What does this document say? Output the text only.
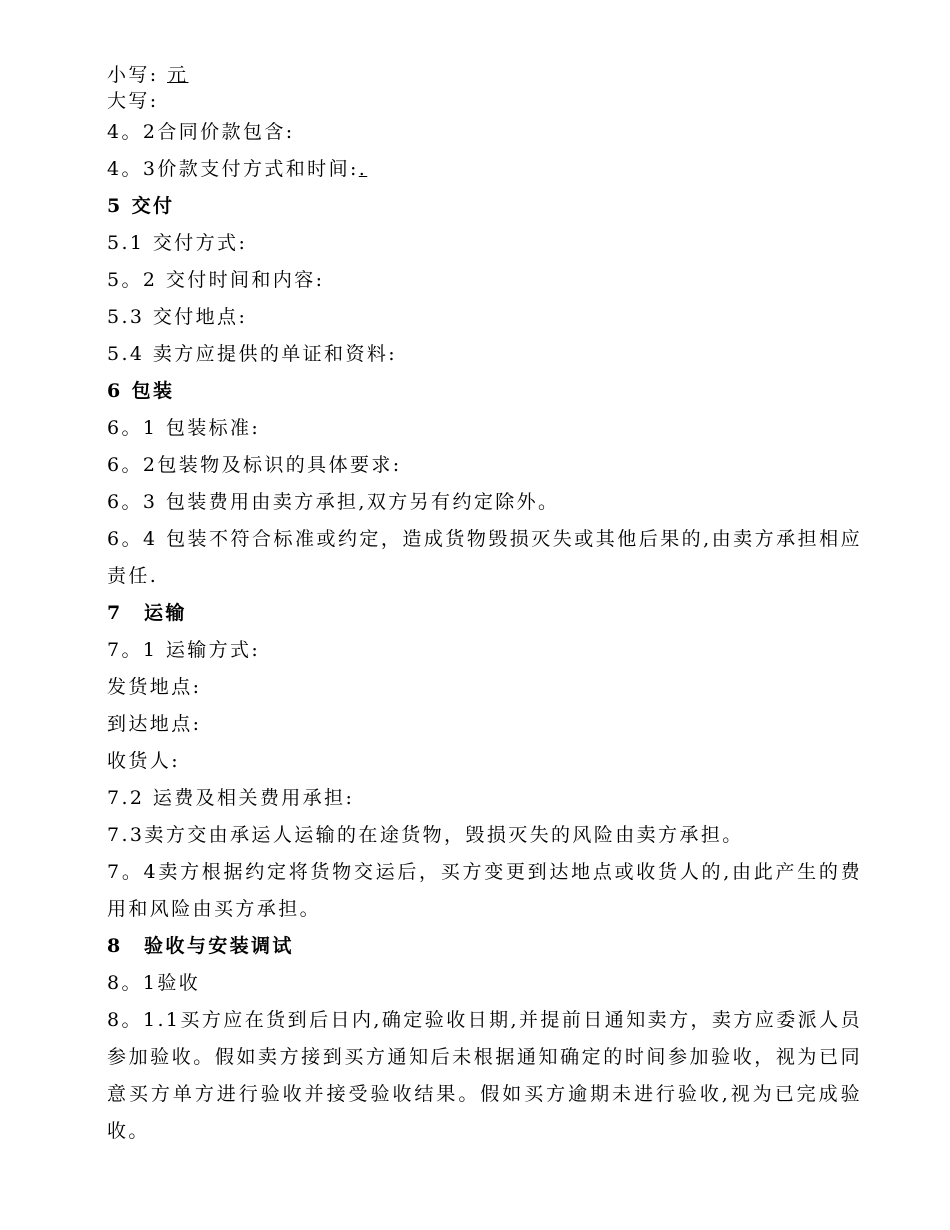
小写: 元
大写:
4。2合同价款包含:
4。3价款支付方式和时间:.
5 交付
5.1 交付方式:
5。2 交付时间和内容:
5.3 交付地点:
5.4 卖方应提供的单证和资料:
6 包装
6。1 包装标准:
6。2包装物及标识的具体要求:
6。3 包装费用由卖方承担,双方另有约定除外。
6。4 包装不符合标准或约定，造成货物毁损灭失或其他后果的,由卖方承担相应责任.
7　运输
7。1 运输方式:
发货地点:
到达地点:
收货人:
7.2 运费及相关费用承担:
7.3卖方交由承运人运输的在途货物，毁损灭失的风险由卖方承担。
7。4卖方根据约定将货物交运后，买方变更到达地点或收货人的,由此产生的费用和风险由买方承担。
8　验收与安装调试
8。1验收
8。1.1买方应在货到后日内,确定验收日期,并提前日通知卖方，卖方应委派人员参加验收。假如卖方接到买方通知后未根据通知确定的时间参加验收，视为已同意买方单方进行验收并接受验收结果。假如买方逾期未进行验收,视为已完成验收。
